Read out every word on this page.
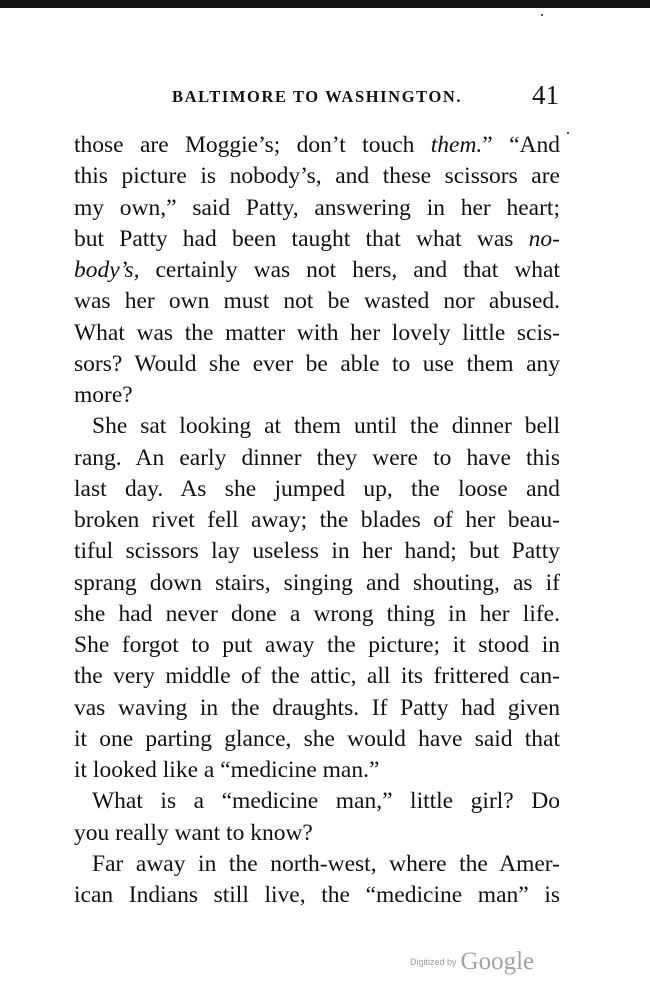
BALTIMORE TO WASHINGTON.	41
those are Moggie’s; don’t touch them.” “And
this picture is nobody’s, and these scissors are
my own,” said Patty, answering in her heart;
but Patty had been taught that what was no-
body’s, certainly was not hers, and that what
was her own must not be wasted nor abused.
What was the matter with her lovely little scis-
sors? Would she ever be able to use them any
more?
She sat looking at them until the dinner bell
rang. An early dinner they were to have this
last day. As she jumped up, the loose and
broken rivet fell away; the blades of her beau-
tiful scissors lay useless in her hand; but Patty
sprang down stairs, singing and shouting, as if
she had never done a wrong thing in her life.
She forgot to put away the picture; it stood in
the very middle of the attic, all its frittered can-
vas waving in the draughts. If Patty had given
it one parting glance, she would have said that
it looked like a “medicine man.”
What is a “medicine man,” little girl? Do
you really want to know?
Far away in the north-west, where the Amer-
ican Indians still live, the “medicine man” is
Digitized by Google
